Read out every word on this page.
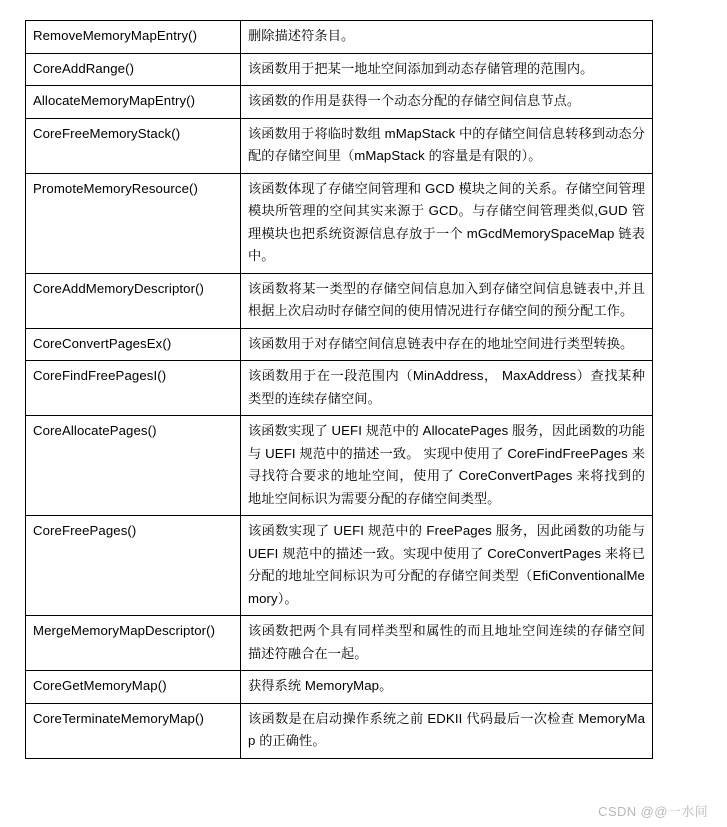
RemoveMemoryMapEntry()	删除描述符条目。
CoreAddRange()	该函数用于把某一地址空间添加到动态存储管理的范围内。
AllocateMemoryMapEntry()	该函数的作用是获得一个动态分配的存储空间信息节点。
CoreFreeMemoryStack()	该函数用于将临时数组 mMapStack 中的存储空间信息转移到动态分配的存储空间里（mMapStack 的容量是有限的）。
PromoteMemoryResource()	该函数体现了存储空间管理和 GCD 模块之间的关系。存储空间管理模块所管理的空间其实来源于 GCD。与存储空间管理类似,GUD 管理模块也把系统资源信息存放于一个 mGcdMemorySpaceMap 链表中。
CoreAddMemoryDescriptor()	该函数将某一类型的存储空间信息加入到存储空间信息链表中,并且根据上次启动时存储空间的使用情况进行存储空间的预分配工作。
CoreConvertPagesEx()	该函数用于对存储空间信息链表中存在的地址空间进行类型转换。
CoreFindFreePagesI()	该函数用于在一段范围内（MinAddress， MaxAddress）查找某种类型的连续存储空间。
CoreAllocatePages()	该函数实现了 UEFI 规范中的 AllocatePages 服务，因此函数的功能与 UEFI 规范中的描述一致。 实现中使用了 CoreFindFreePages 来寻找符合要求的地址空间，使用了 CoreConvertPages 来将找到的地址空间标识为需要分配的存储空间类型。
CoreFreePages()	该函数实现了 UEFI 规范中的 FreePages 服务，因此函数的功能与 UEFI 规范中的描述一致。实现中使用了 CoreConvertPages 来将已分配的地址空间标识为可分配的存储空间类型（EfiConventionalMemory）。
MergeMemoryMapDescriptor()	该函数把两个具有同样类型和属性的而且地址空间连续的存储空间描述符融合在一起。
CoreGetMemoryMap()	获得系统 MemoryMap。
CoreTerminateMemoryMap()	该函数是在启动操作系统之前 EDKII 代码最后一次检查 MemoryMap 的正确性。
CSDN @@一水间
